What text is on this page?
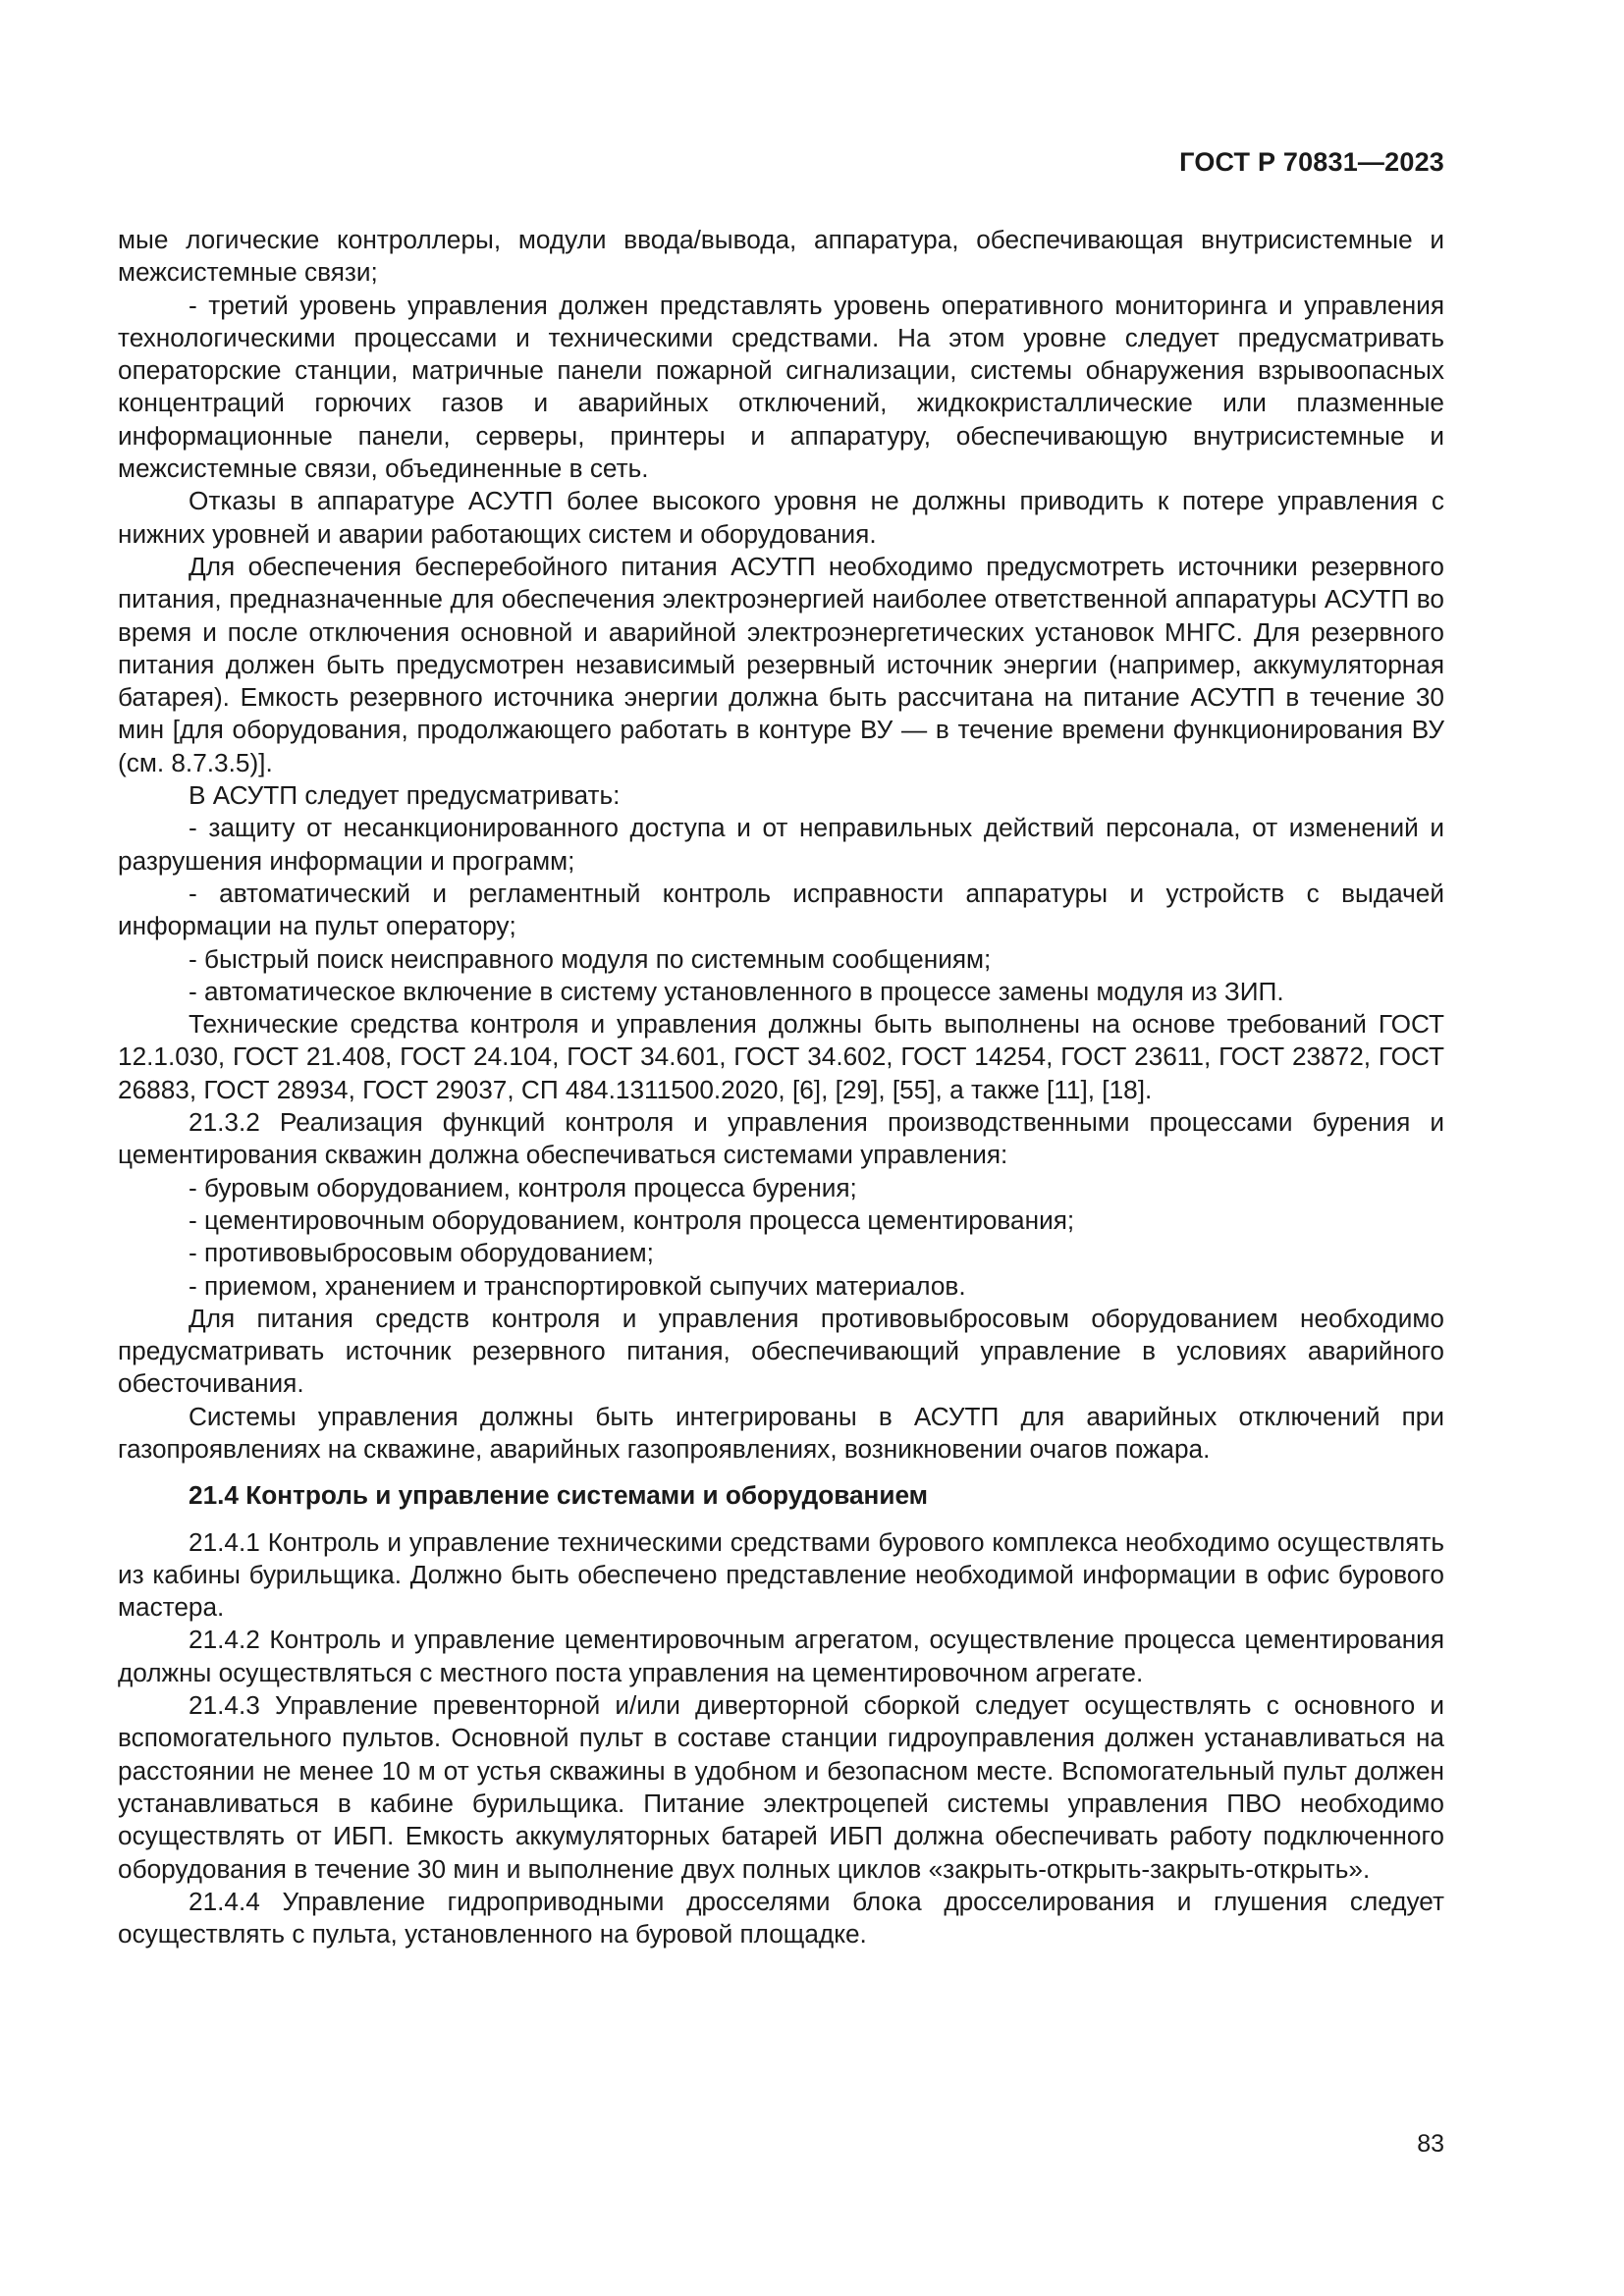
ГОСТ Р 70831—2023

мые логические контроллеры, модули ввода/вывода, аппаратура, обеспечивающая внутрисистемные и межсистемные связи;

- третий уровень управления должен представлять уровень оперативного мониторинга и управления технологическими процессами и техническими средствами. На этом уровне следует предусматривать операторские станции, матричные панели пожарной сигнализации, системы обнаружения взрывоопасных концентраций горючих газов и аварийных отключений, жидкокристаллические или плазменные информационные панели, серверы, принтеры и аппаратуру, обеспечивающую внутрисистемные и межсистемные связи, объединенные в сеть.

Отказы в аппаратуре АСУТП более высокого уровня не должны приводить к потере управления с нижних уровней и аварии работающих систем и оборудования.

Для обеспечения бесперебойного питания АСУТП необходимо предусмотреть источники резервного питания, предназначенные для обеспечения электроэнергией наиболее ответственной аппаратуры АСУТП во время и после отключения основной и аварийной электроэнергетических установок МНГС. Для резервного питания должен быть предусмотрен независимый резервный источник энергии (например, аккумуляторная батарея). Емкость резервного источника энергии должна быть рассчитана на питание АСУТП в течение 30 мин [для оборудования, продолжающего работать в контуре ВУ — в течение времени функционирования ВУ (см. 8.7.3.5)].

В АСУТП следует предусматривать:

- защиту от несанкционированного доступа и от неправильных действий персонала, от изменений и разрушения информации и программ;

- автоматический и регламентный контроль исправности аппаратуры и устройств с выдачей информации на пульт оператору;

- быстрый поиск неисправного модуля по системным сообщениям;

- автоматическое включение в систему установленного в процессе замены модуля из ЗИП.

Технические средства контроля и управления должны быть выполнены на основе требований ГОСТ 12.1.030, ГОСТ 21.408, ГОСТ 24.104, ГОСТ 34.601, ГОСТ 34.602, ГОСТ 14254, ГОСТ 23611, ГОСТ 23872, ГОСТ 26883, ГОСТ 28934, ГОСТ 29037, СП 484.1311500.2020, [6], [29], [55], а также [11], [18].

21.3.2 Реализация функций контроля и управления производственными процессами бурения и цементирования скважин должна обеспечиваться системами управления:

- буровым оборудованием, контроля процесса бурения;

- цементировочным оборудованием, контроля процесса цементирования;

- противовыбросовым оборудованием;

- приемом, хранением и транспортировкой сыпучих материалов.

Для питания средств контроля и управления противовыбросовым оборудованием необходимо предусматривать источник резервного питания, обеспечивающий управление в условиях аварийного обесточивания.

Системы управления должны быть интегрированы в АСУТП для аварийных отключений при газопроявлениях на скважине, аварийных газопроявлениях, возникновении очагов пожара.

21.4 Контроль и управление системами и оборудованием

21.4.1 Контроль и управление техническими средствами бурового комплекса необходимо осуществлять из кабины бурильщика. Должно быть обеспечено представление необходимой информации в офис бурового мастера.

21.4.2 Контроль и управление цементировочным агрегатом, осуществление процесса цементирования должны осуществляться с местного поста управления на цементировочном агрегате.

21.4.3 Управление превенторной и/или диверторной сборкой следует осуществлять с основного и вспомогательного пультов. Основной пульт в составе станции гидроуправления должен устанавливаться на расстоянии не менее 10 м от устья скважины в удобном и безопасном месте. Вспомогательный пульт должен устанавливаться в кабине бурильщика. Питание электроцепей системы управления ПВО необходимо осуществлять от ИБП. Емкость аккумуляторных батарей ИБП должна обеспечивать работу подключенного оборудования в течение 30 мин и выполнение двух полных циклов «закрыть-открыть-закрыть-открыть».

21.4.4 Управление гидроприводными дросселями блока дросселирования и глушения следует осуществлять с пульта, установленного на буровой площадке.

83
